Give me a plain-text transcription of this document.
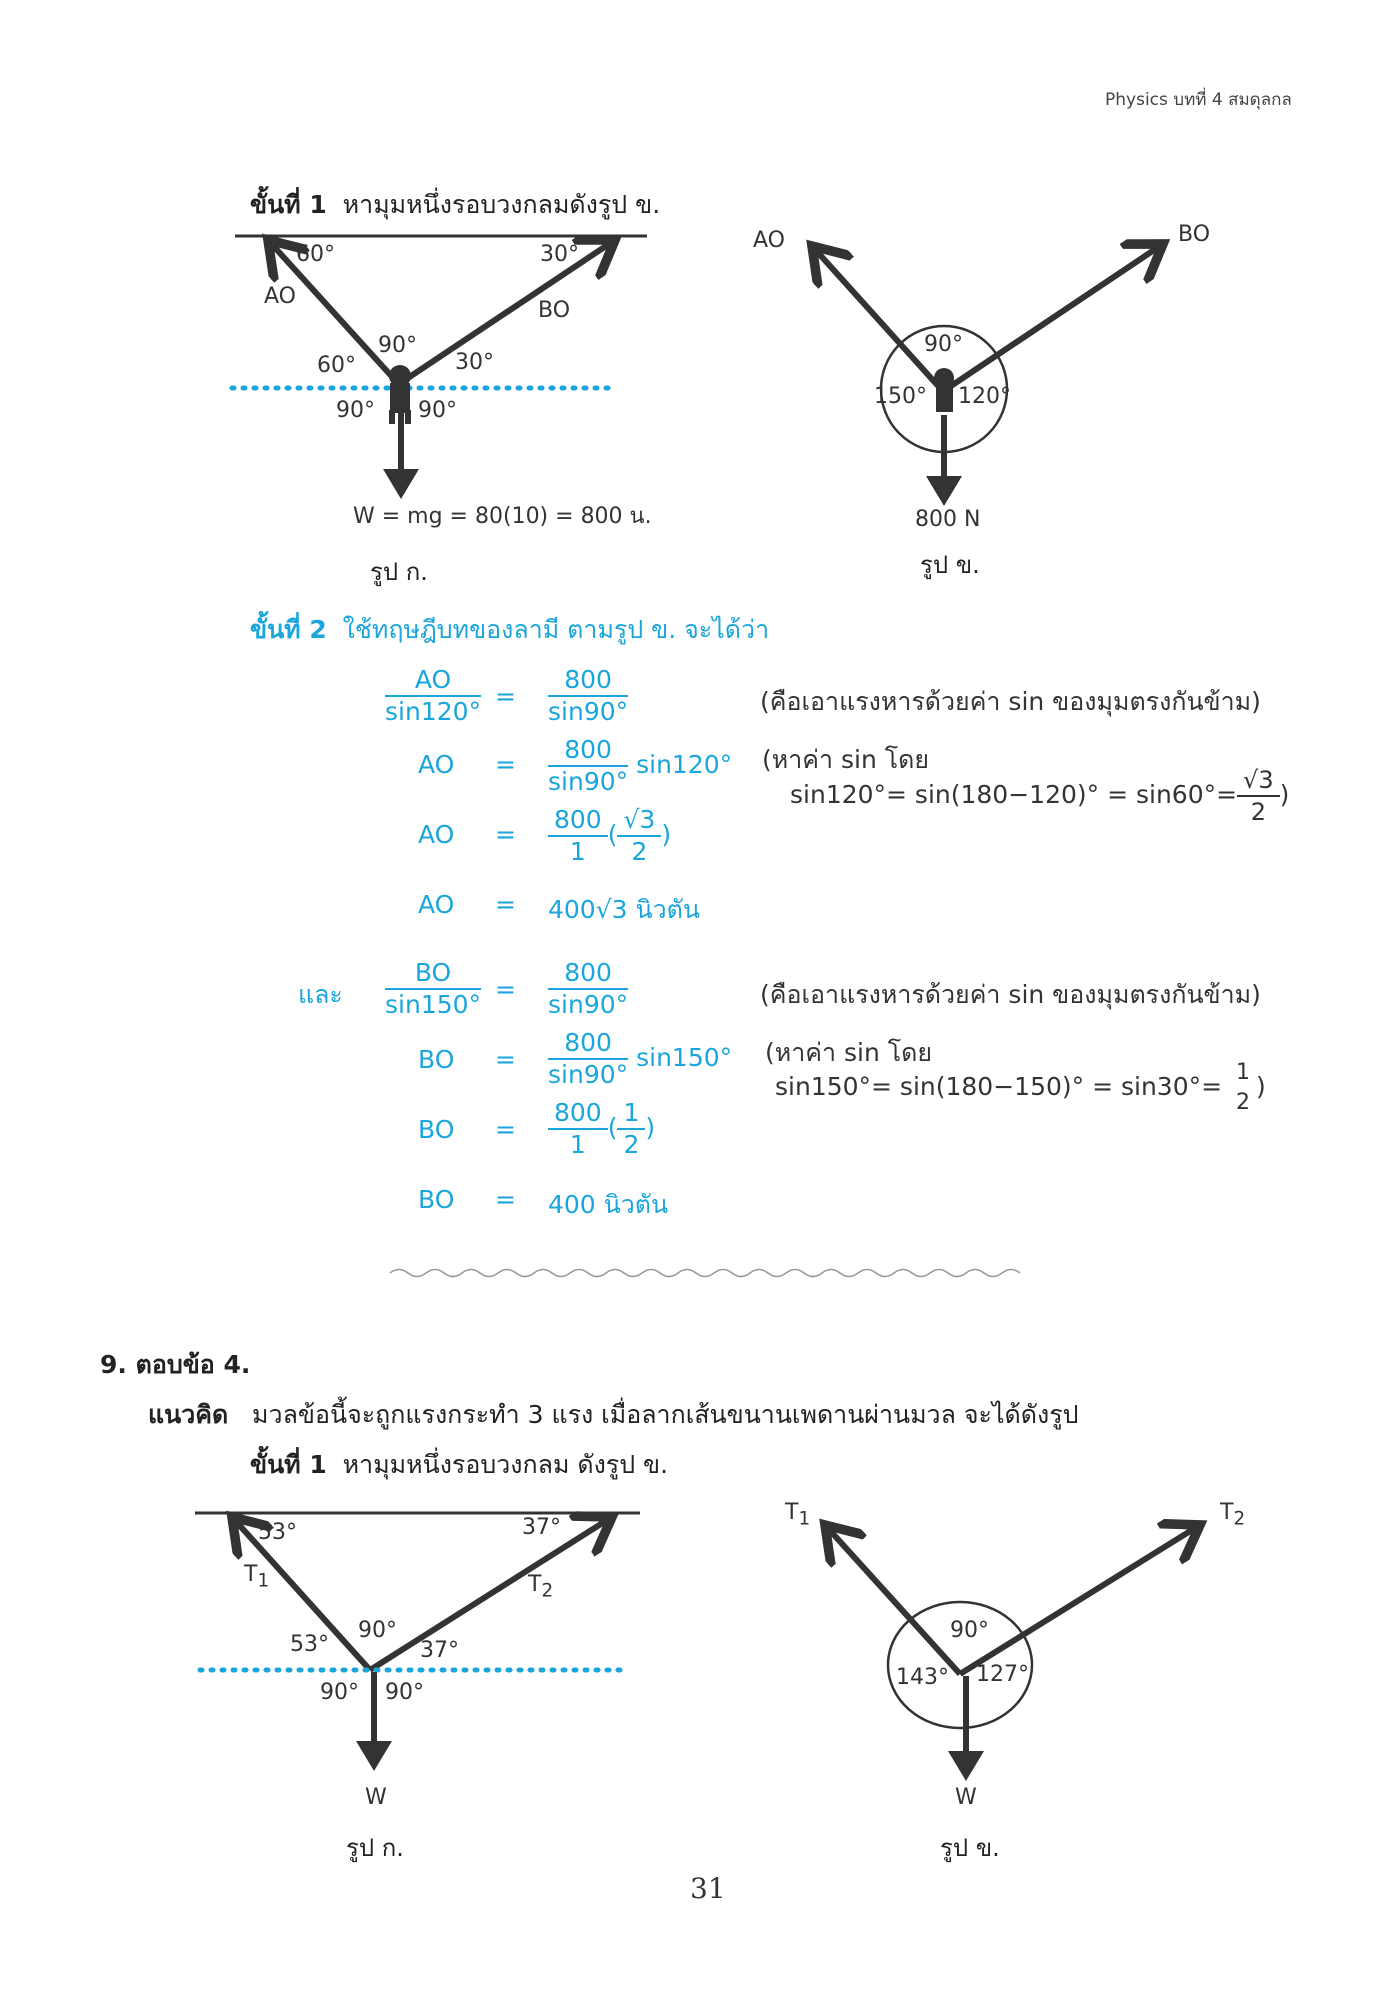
Physics บทที่ 4 สมดุลกล
ขั้นที่ 1 หามุมหนึ่งรอบวงกลมดังรูป ข.
60°	30°
AO
BO
90°
60°	30°
90° 90°
W = mg = 80(10) = 800 น.
รูป ก.
AO	BO
90°
150° 120°
800 N
รูป ข.
ขั้นที่ 2 ใช้ทฤษฎีบทของลามี ตามรูป ข. จะได้ว่า
$\frac{AO}{\sin 120^\circ} = \frac{800}{\sin 90^\circ}$	(คือเอาแรงหารด้วยค่า sin ของมุมตรงกันข้าม)
AO = $\frac{800}{\sin 90^\circ} \sin 120^\circ$ (หาค่า sin โดย
$\sin 120^\circ= \sin(180-120)^\circ = \sin 60^\circ= \frac{√3}{2}$ )
AO = $\frac{800}{1}$ ( $\frac{√3}{2}$ )
AO = 400√3 นิวตัน
และ $\frac{BO}{\sin 150^\circ} = \frac{800}{\sin 90^\circ}$	(คือเอาแรงหารด้วยค่า sin ของมุมตรงกันข้าม)
BO = $\frac{800}{\sin 90^\circ} \sin 150^\circ$ (หาค่า sin โดย
sin150°= sin(180−150)° = sin30°= 1
2
)
BO = $\frac{800}{1}$ ( $\frac{1}{2}$ )
BO = 400 นิวตัน
9. ตอบข้อ 4.
แนวคิด มวลข้อนี้จะถูกแรงกระทำ 3 แรง เมื่อลากเส้นขนานเพดานผ่านมวล จะได้ดังรูป
ขั้นที่ 1 หามุมหนึ่งรอบวงกลม ดังรูป ข.
53°	37°
$T_1$	$T_2$
90°
53°	37°
90° 90°
W
รูป ก.
$T_1$	$T_2$
90°
143° 127°
W
รูป ข.
31
